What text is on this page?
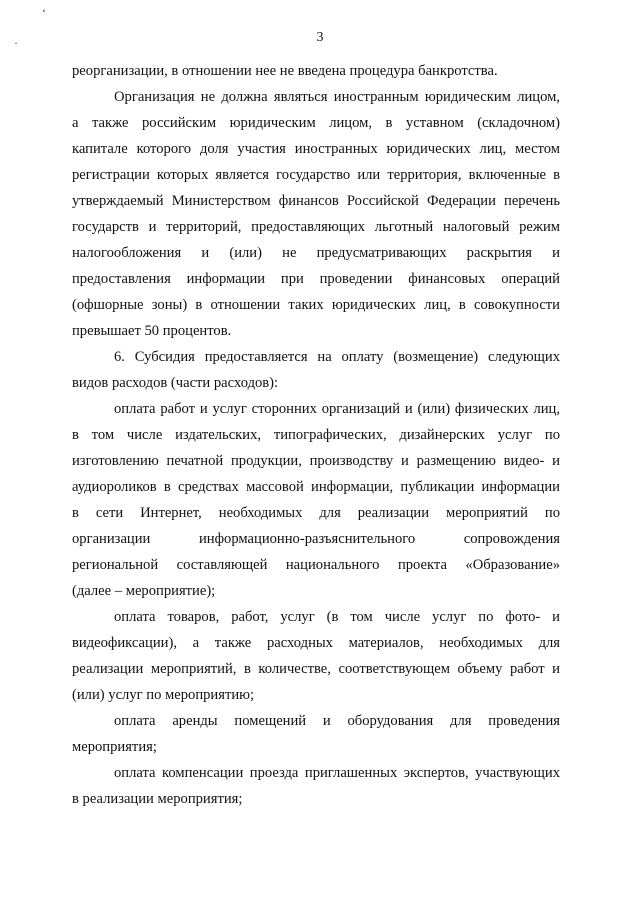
ʻ
·	3
реорганизации, в отношении нее не введена процедура банкротства.
Организация не должна являться иностранным юридическим лицом,
а также российским юридическим лицом, в уставном (складочном)
капитале которого доля участия иностранных юридических лиц, местом
регистрации которых является государство или территория, включенные в
утверждаемый Министерством финансов Российской Федерации перечень
государств и территорий, предоставляющих льготный налоговый режим
налогообложения и (или) не предусматривающих раскрытия и
предоставления информации при проведении финансовых операций
(офшорные зоны) в отношении таких юридических лиц, в совокупности
превышает 50 процентов.
6. Субсидия предоставляется на оплату (возмещение) следующих
видов расходов (части расходов):
оплата работ и услуг сторонних организаций и (или) физических лиц,
в том числе издательских, типографических, дизайнерских услуг по
изготовлению печатной продукции, производству и размещению видео- и
аудиороликов в средствах массовой информации, публикации информации
в сети Интернет, необходимых для реализации мероприятий по
организации информационно-разъяснительного сопровождения
региональной составляющей национального проекта «Образование»
(далее – мероприятие);
оплата товаров, работ, услуг (в том числе услуг по фото- и
видеофиксации), а также расходных материалов, необходимых для
реализации мероприятий, в количестве, соответствующем объему работ и
(или) услуг по мероприятию;
оплата аренды помещений и оборудования для проведения
мероприятия;
оплата компенсации проезда приглашенных экспертов, участвующих
в реализации мероприятия;
